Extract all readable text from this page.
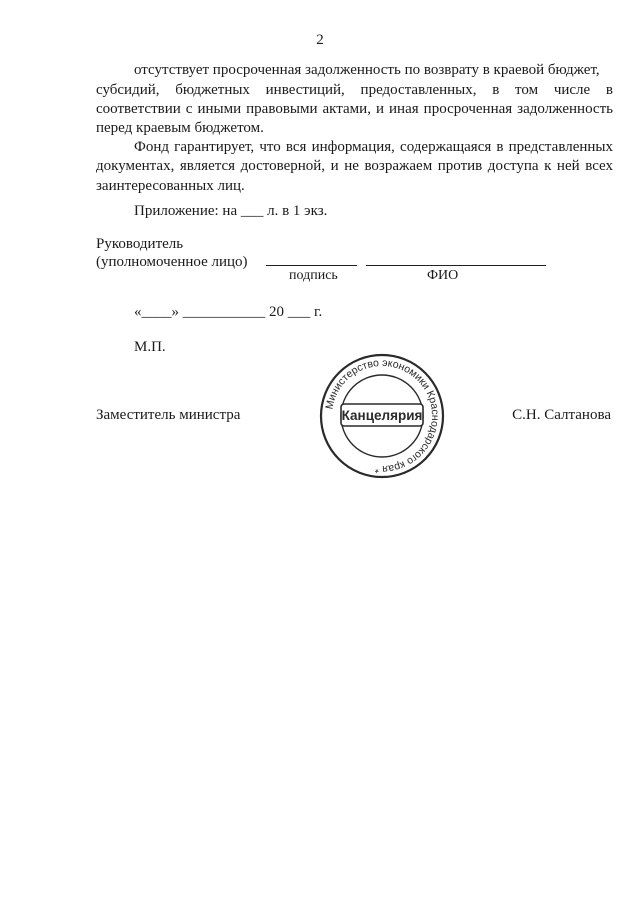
2
отсутствует просроченная задолженность по возврату в краевой бюджет,
субсидий, бюджетных инвестиций, предоставленных, в том числе в
соответствии с иными правовыми актами, и иная просроченная задолженность
перед краевым бюджетом.
Фонд гарантирует, что вся информация, содержащаяся в представленных
документах, является достоверной, и не возражаем против доступа к ней всех
заинтересованных лиц.
Приложение: на ___ л. в 1 экз.
Руководитель
(уполномоченное лицо)
подпись	ФИО
«____» ___________ 20 ___ г.
М.П.
Заместитель министра	С.Н. Салтанова
Министерство экономики Краснодарского края *
Канцелярия
